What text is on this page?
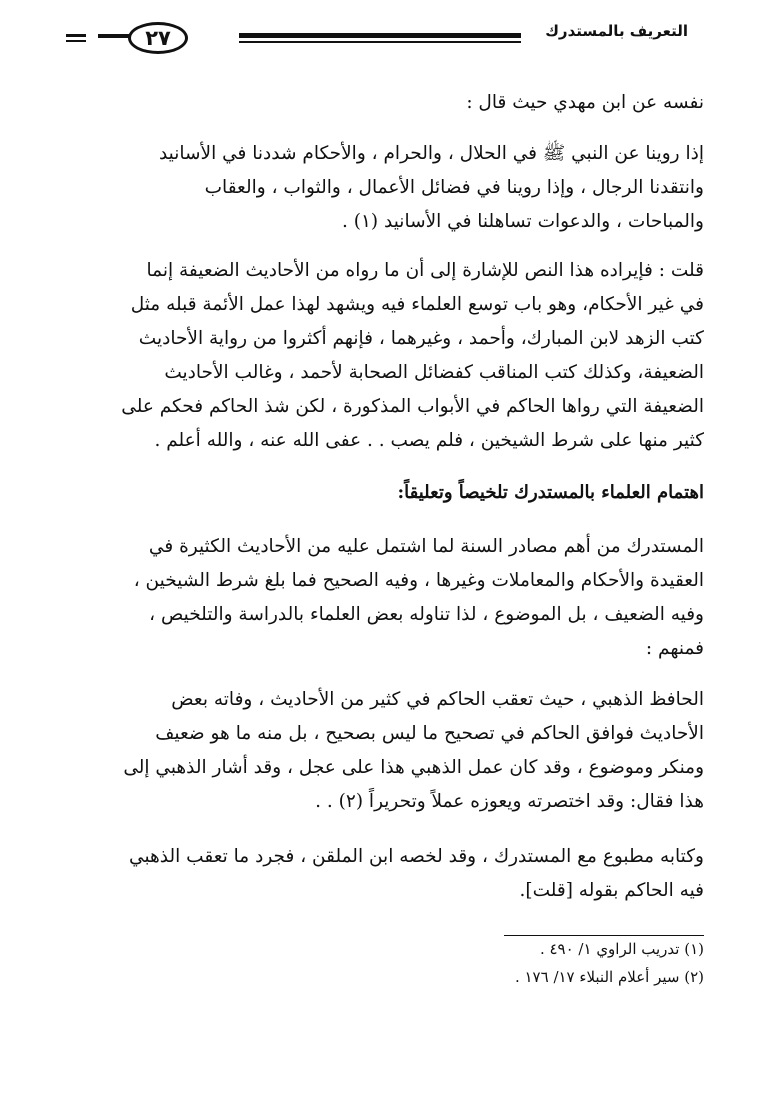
التعريف بالمستدرك
٢٧
نفسه عن ابن مهدي حيث قال :
إذا روينا عن النبي ﷺ في الحلال ، والحرام ، والأحكام شددنا في الأسانيد
وانتقدنا الرجال ، وإذا روينا في فضائل الأعمال ، والثواب ، والعقاب
والمباحات ، والدعوات تساهلنا في الأسانيد (١) .
قلت : فإيراده هذا النص للإشارة إلى أن ما رواه من الأحاديث الضعيفة إنما
في غير الأحكام، وهو باب توسع العلماء فيه ويشهد لهذا عمل الأئمة قبله مثل
كتب الزهد لابن المبارك، وأحمد ، وغيرهما ، فإنهم أكثروا من رواية الأحاديث
الضعيفة، وكذلك كتب المناقب كفضائل الصحابة لأحمد ، وغالب الأحاديث
الضعيفة التي رواها الحاكم في الأبواب المذكورة ، لكن شذ الحاكم فحكم على
كثير منها على شرط الشيخين ، فلم يصب . . عفى الله عنه ، والله أعلم .
اهتمام العلماء بالمستدرك تلخيصاً وتعليقاً:
المستدرك من أهم مصادر السنة لما اشتمل عليه من الأحاديث الكثيرة في
العقيدة والأحكام والمعاملات وغيرها ، وفيه الصحيح فما بلغ شرط الشيخين ،
وفيه الضعيف ، بل الموضوع ، لذا تناوله بعض العلماء بالدراسة والتلخيص ،
فمنهم :
الحافظ الذهبي ، حيث تعقب الحاكم في كثير من الأحاديث ، وفاته بعض
الأحاديث فوافق الحاكم في تصحيح ما ليس بصحيح ، بل منه ما هو ضعيف
ومنكر وموضوع ، وقد كان عمل الذهبي هذا على عجل ، وقد أشار الذهبي إلى
هذا فقال: وقد اختصرته ويعوزه عملاً وتحريراً (٢) . .
وكتابه مطبوع مع المستدرك ، وقد لخصه ابن الملقن ، فجرد ما تعقب الذهبي
فيه الحاكم بقوله [قلت].
(١) تدريب الراوي ١/ ٤٩٠ .
(٢) سير أعلام النبلاء ١٧/ ١٧٦ .
